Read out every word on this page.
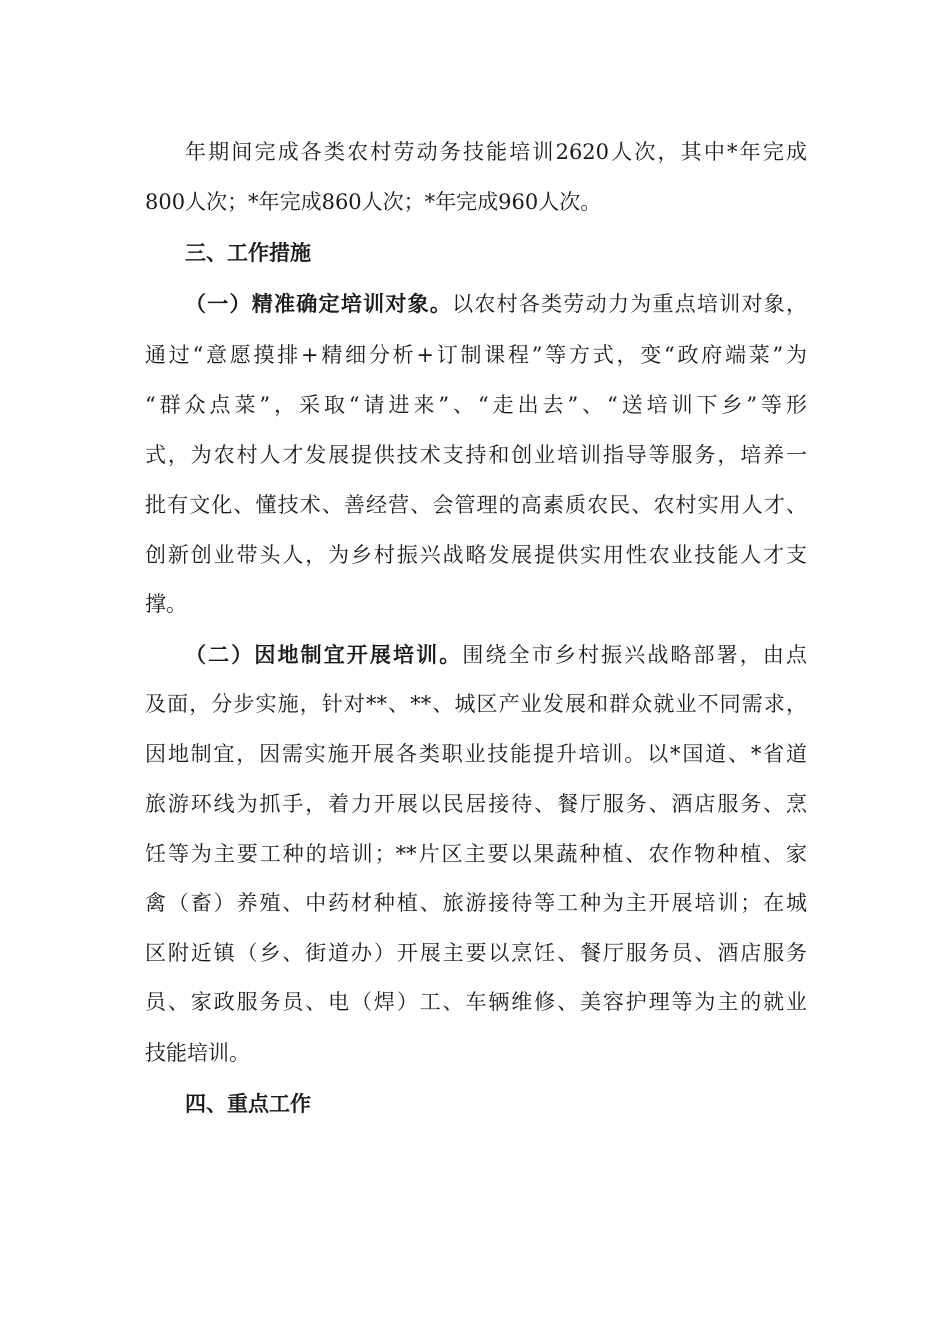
年期间完成各类农村劳动务技能培训2620人次，其中*年完成

800人次；*年完成860人次；*年完成960人次。

三、工作措施

（一）精准确定培训对象。以农村各类劳动力为重点培训对象，

通过“意愿摸排+精细分析+订制课程”等方式，变“政府端菜”为

“群众点菜”，采取“请进来”、“走出去”、“送培训下乡”等形

式，为农村人才发展提供技术支持和创业培训指导等服务，培养一

批有文化、懂技术、善经营、会管理的高素质农民、农村实用人才、

创新创业带头人，为乡村振兴战略发展提供实用性农业技能人才支

撑。

（二）因地制宜开展培训。围绕全市乡村振兴战略部署，由点

及面，分步实施，针对**、**、城区产业发展和群众就业不同需求，

因地制宜，因需实施开展各类职业技能提升培训。以*国道、*省道

旅游环线为抓手，着力开展以民居接待、餐厅服务、酒店服务、烹

饪等为主要工种的培训；**片区主要以果蔬种植、农作物种植、家

禽（畜）养殖、中药材种植、旅游接待等工种为主开展培训；在城

区附近镇（乡、街道办）开展主要以烹饪、餐厅服务员、酒店服务

员、家政服务员、电（焊）工、车辆维修、美容护理等为主的就业

技能培训。

四、重点工作
